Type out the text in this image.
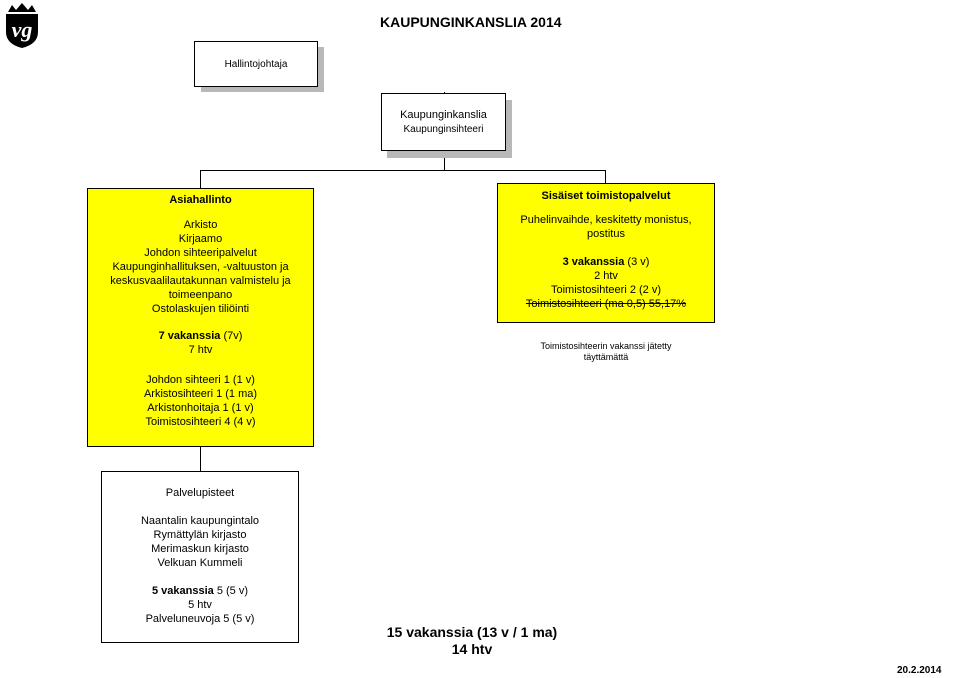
vg	KAUPUNGINKANSLIA 2014
Hallintojohtaja
Kaupunginkanslia
Kaupunginsihteeri
Asiahallinto
Arkisto
Kirjaamo
Johdon sihteeripalvelut
Kaupunginhallituksen, -valtuuston ja
keskusvaalilautakunnan valmistelu ja
toimeenpano
Ostolaskujen tiliöinti
7 vakanssia (7v)
7 htv
Johdon sihteeri 1 (1 v)
Arkistosihteeri 1 (1 ma)
Arkistonhoitaja 1 (1 v)
Toimistosihteeri 4 (4 v)
Sisäiset toimistopalvelut
Puhelinvaihde, keskitetty monistus,
postitus
3 vakanssia (3 v)
2 htv
Toimistosihteeri 2 (2 v)
Toimistosihteeri (ma 0,5) 55,17%
Toimistosihteerin vakanssi jätetty
täyttämättä
Palvelupisteet
Naantalin kaupungintalo
Rymättylän kirjasto
Merimaskun kirjasto
Velkuan Kummeli
5 vakanssia 5 (5 v)
5 htv
Palveluneuvoja 5 (5 v)
15 vakanssia (13 v / 1 ma)
14 htv
20.2.2014
